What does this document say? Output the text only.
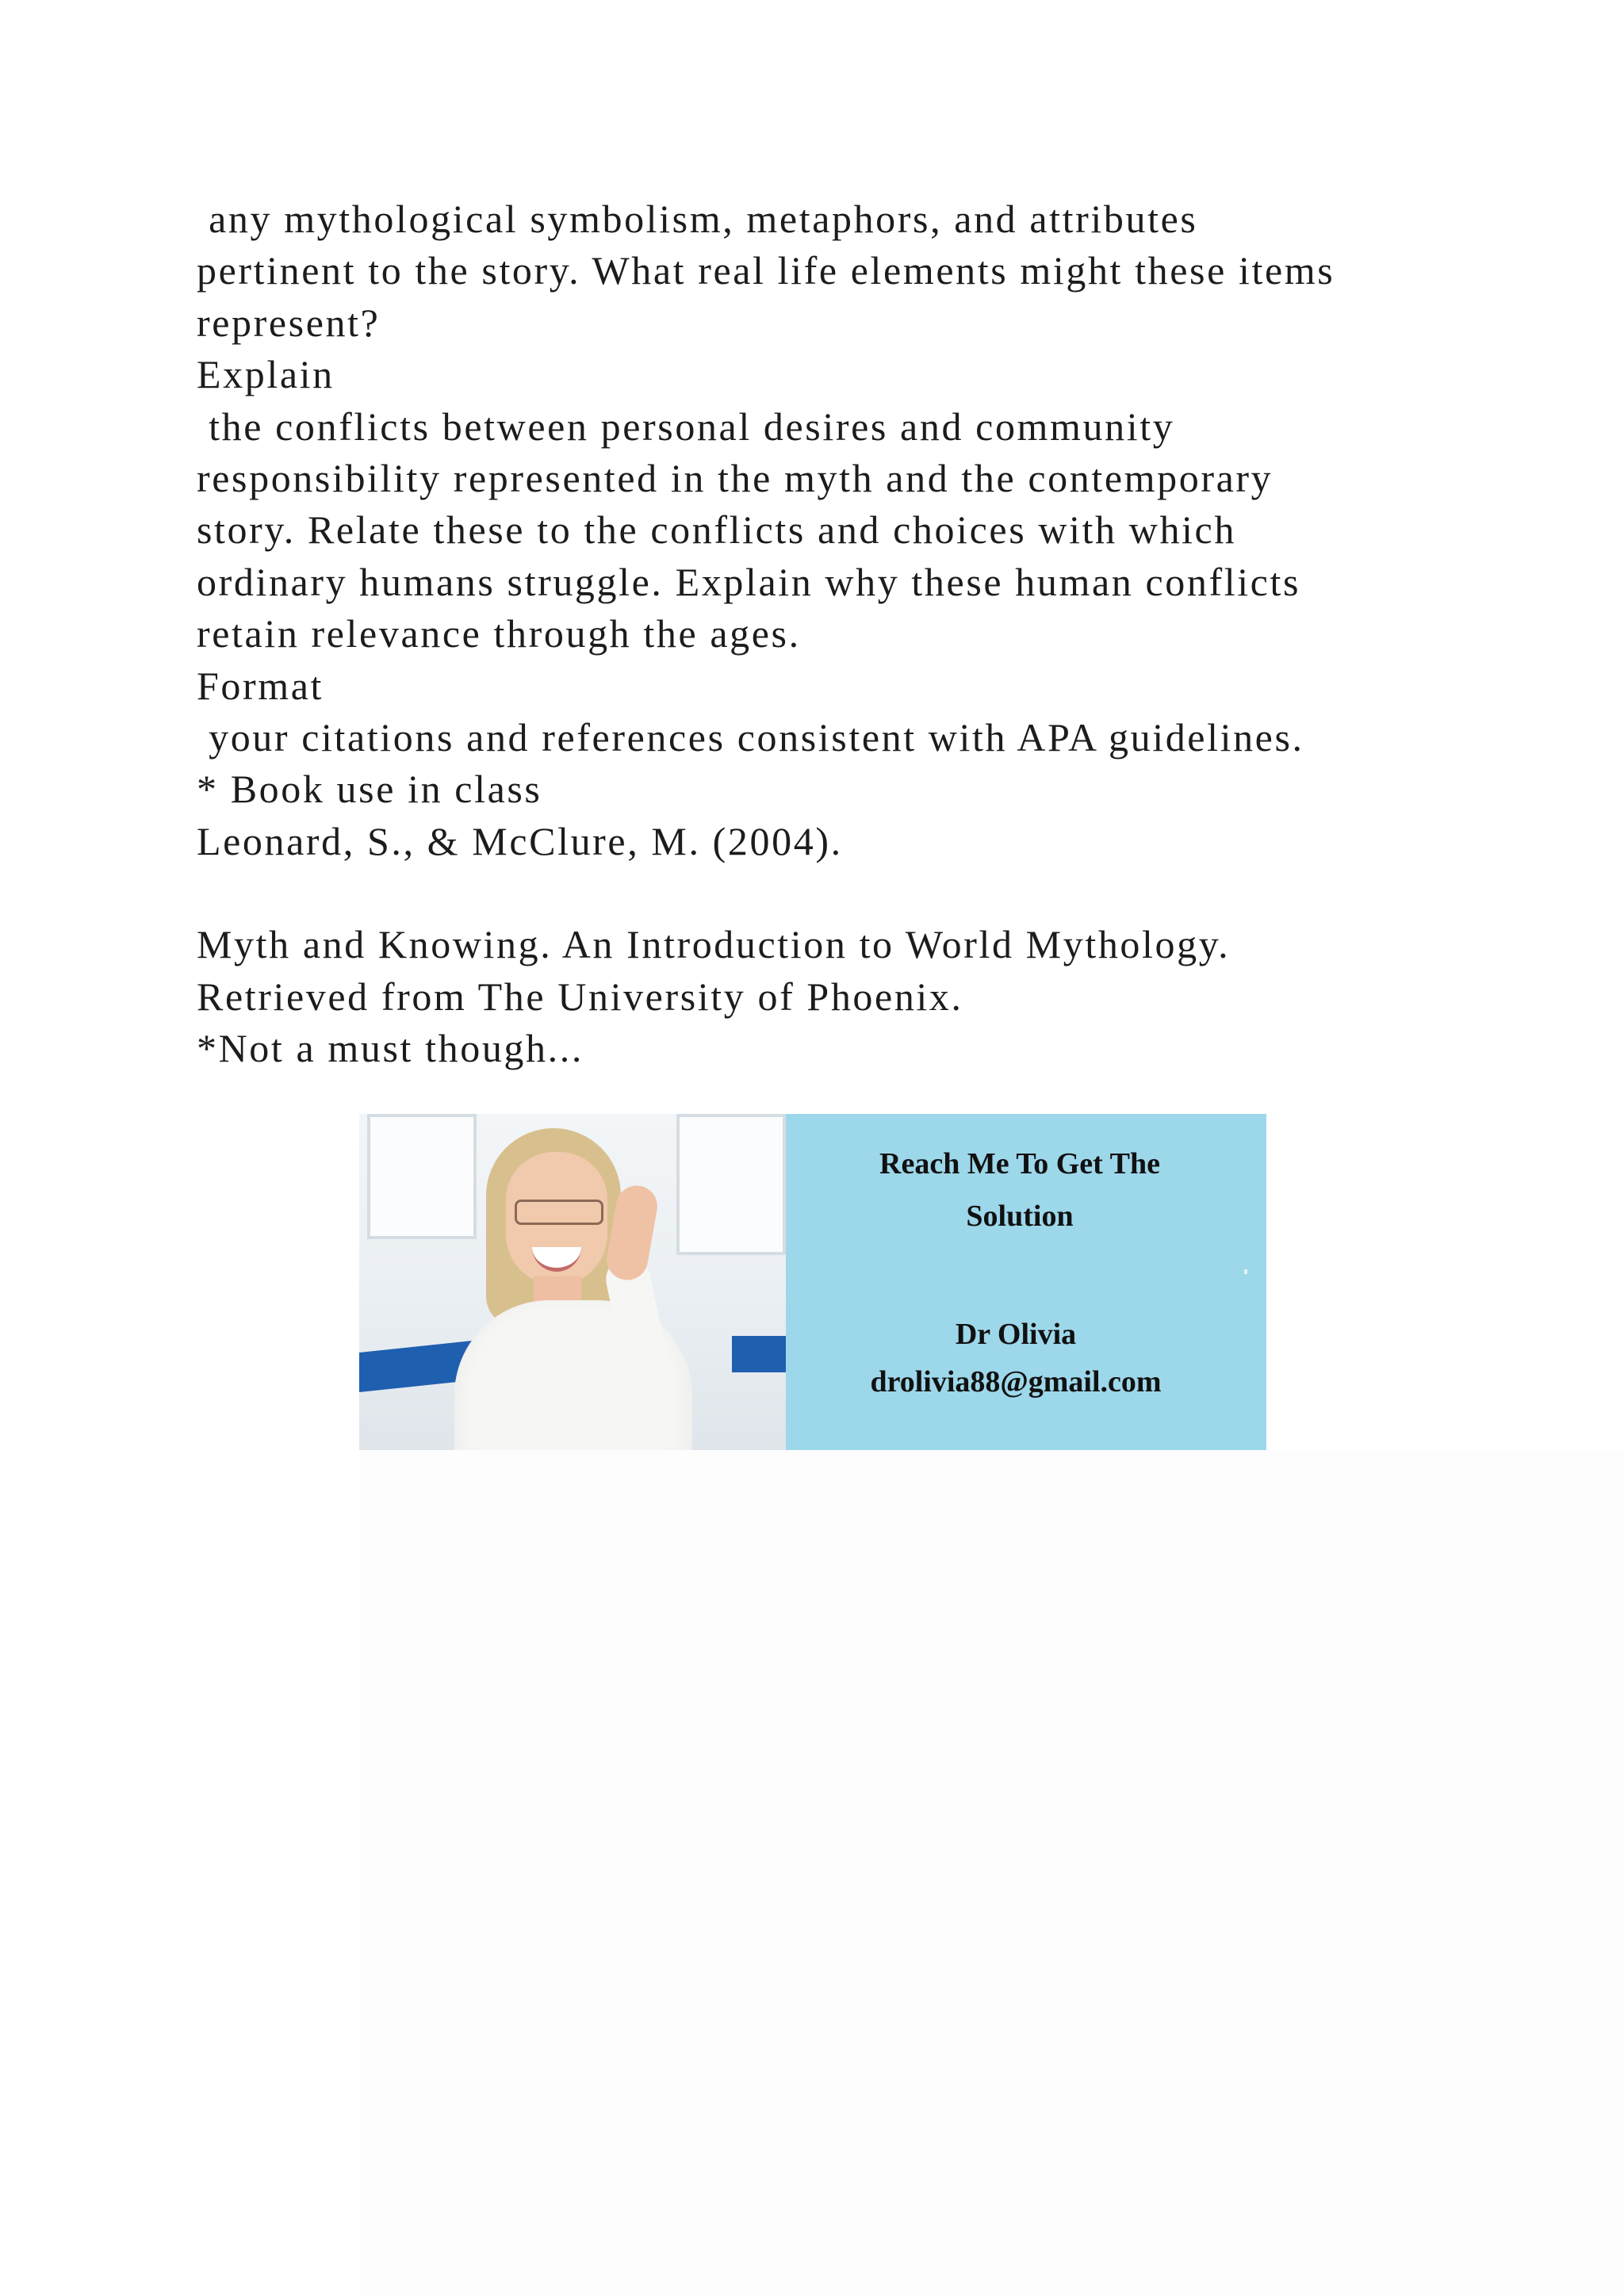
any mythological symbolism, metaphors, and attributes
pertinent to the story. What real life elements might these items
represent?
Explain
the conflicts between personal desires and community
responsibility represented in the myth and the contemporary
story. Relate these to the conflicts and choices with which
ordinary humans struggle. Explain why these human conflicts
retain relevance through the ages.
Format
your citations and references consistent with APA guidelines.
* Book use in class
Leonard, S., & McClure, M. (2004).
Myth and Knowing. An Introduction to World Mythology.
Retrieved from The University of Phoenix.
*Not a must though...
Reach Me To Get The
Solution
Dr Olivia
drolivia88@gmail.com
